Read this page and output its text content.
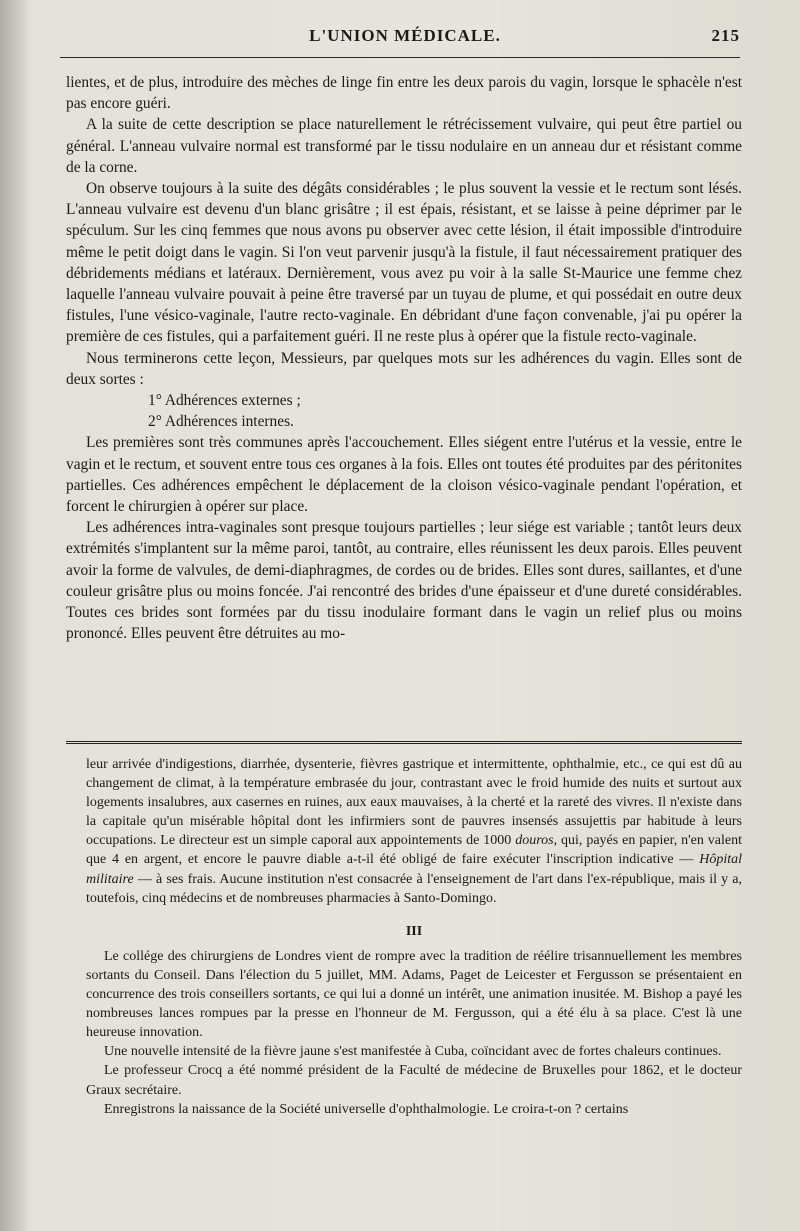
L'UNION MÉDICALE.	215

lientes, et de plus, introduire des mèches de linge fin entre les deux parois du vagin, lorsque le sphacèle n'est pas encore guéri.

A la suite de cette description se place naturellement le rétrécissement vulvaire, qui peut être partiel ou général. L'anneau vulvaire normal est transformé par le tissu nodulaire en un anneau dur et résistant comme de la corne.

On observe toujours à la suite des dégâts considérables ; le plus souvent la vessie et le rectum sont lésés. L'anneau vulvaire est devenu d'un blanc grisâtre ; il est épais, résistant, et se laisse à peine déprimer par le spéculum. Sur les cinq femmes que nous avons pu observer avec cette lésion, il était impossible d'introduire même le petit doigt dans le vagin. Si l'on veut parvenir jusqu'à la fistule, il faut nécessairement pratiquer des débridements médians et latéraux. Dernièrement, vous avez pu voir à la salle St-Maurice une femme chez laquelle l'anneau vulvaire pouvait à peine être traversé par un tuyau de plume, et qui possédait en outre deux fistules, l'une vésico-vaginale, l'autre recto-vaginale. En débridant d'une façon convenable, j'ai pu opérer la première de ces fistules, qui a parfaitement guéri. Il ne reste plus à opérer que la fistule recto-vaginale.

Nous terminerons cette leçon, Messieurs, par quelques mots sur les adhérences du vagin. Elles sont de deux sortes :

1° Adhérences externes ;

2° Adhérences internes.

Les premières sont très communes après l'accouchement. Elles siégent entre l'utérus et la vessie, entre le vagin et le rectum, et souvent entre tous ces organes à la fois. Elles ont toutes été produites par des péritonites partielles. Ces adhérences empêchent le déplacement de la cloison vésico-vaginale pendant l'opération, et forcent le chirurgien à opérer sur place.

Les adhérences intra-vaginales sont presque toujours partielles ; leur siége est variable ; tantôt leurs deux extrémités s'implantent sur la même paroi, tantôt, au contraire, elles réunissent les deux parois. Elles peuvent avoir la forme de valvules, de demi-diaphragmes, de cordes ou de brides. Elles sont dures, saillantes, et d'une couleur grisâtre plus ou moins foncée. J'ai rencontré des brides d'une épaisseur et d'une dureté considérables. Toutes ces brides sont formées par du tissu inodulaire formant dans le vagin un relief plus ou moins prononcé. Elles peuvent être détruites au mo-

leur arrivée d'indigestions, diarrhée, dysenterie, fièvres gastrique et intermittente, ophthalmie, etc., ce qui est dû au changement de climat, à la température embrasée du jour, contrastant avec le froid humide des nuits et surtout aux logements insalubres, aux casernes en ruines, aux eaux mauvaises, à la cherté et la rareté des vivres. Il n'existe dans la capitale qu'un misérable hôpital dont les infirmiers sont de pauvres insensés assujettis par habitude à leurs occupations. Le directeur est un simple caporal aux appointements de 1000 douros, qui, payés en papier, n'en valent que 4 en argent, et encore le pauvre diable a-t-il été obligé de faire exécuter l'inscription indicative — Hôpital militaire — à ses frais. Aucune institution n'est consacrée à l'enseignement de l'art dans l'ex-république, mais il y a, toutefois, cinq médecins et de nombreuses pharmacies à Santo-Domingo.

III

Le collége des chirurgiens de Londres vient de rompre avec la tradition de réélire trisannuellement les membres sortants du Conseil. Dans l'élection du 5 juillet, MM. Adams, Paget de Leicester et Fergusson se présentaient en concurrence des trois conseillers sortants, ce qui lui a donné un intérêt, une animation inusitée. M. Bishop a payé les nombreuses lances rompues par la presse en l'honneur de M. Fergusson, qui a été élu à sa place. C'est là une heureuse innovation.

Une nouvelle intensité de la fièvre jaune s'est manifestée à Cuba, coïncidant avec de fortes chaleurs continues.

Le professeur Crocq a été nommé président de la Faculté de médecine de Bruxelles pour 1862, et le docteur Graux secrétaire.

Enregistrons la naissance de la Société universelle d'ophthalmologie. Le croira-t-on ? certains
